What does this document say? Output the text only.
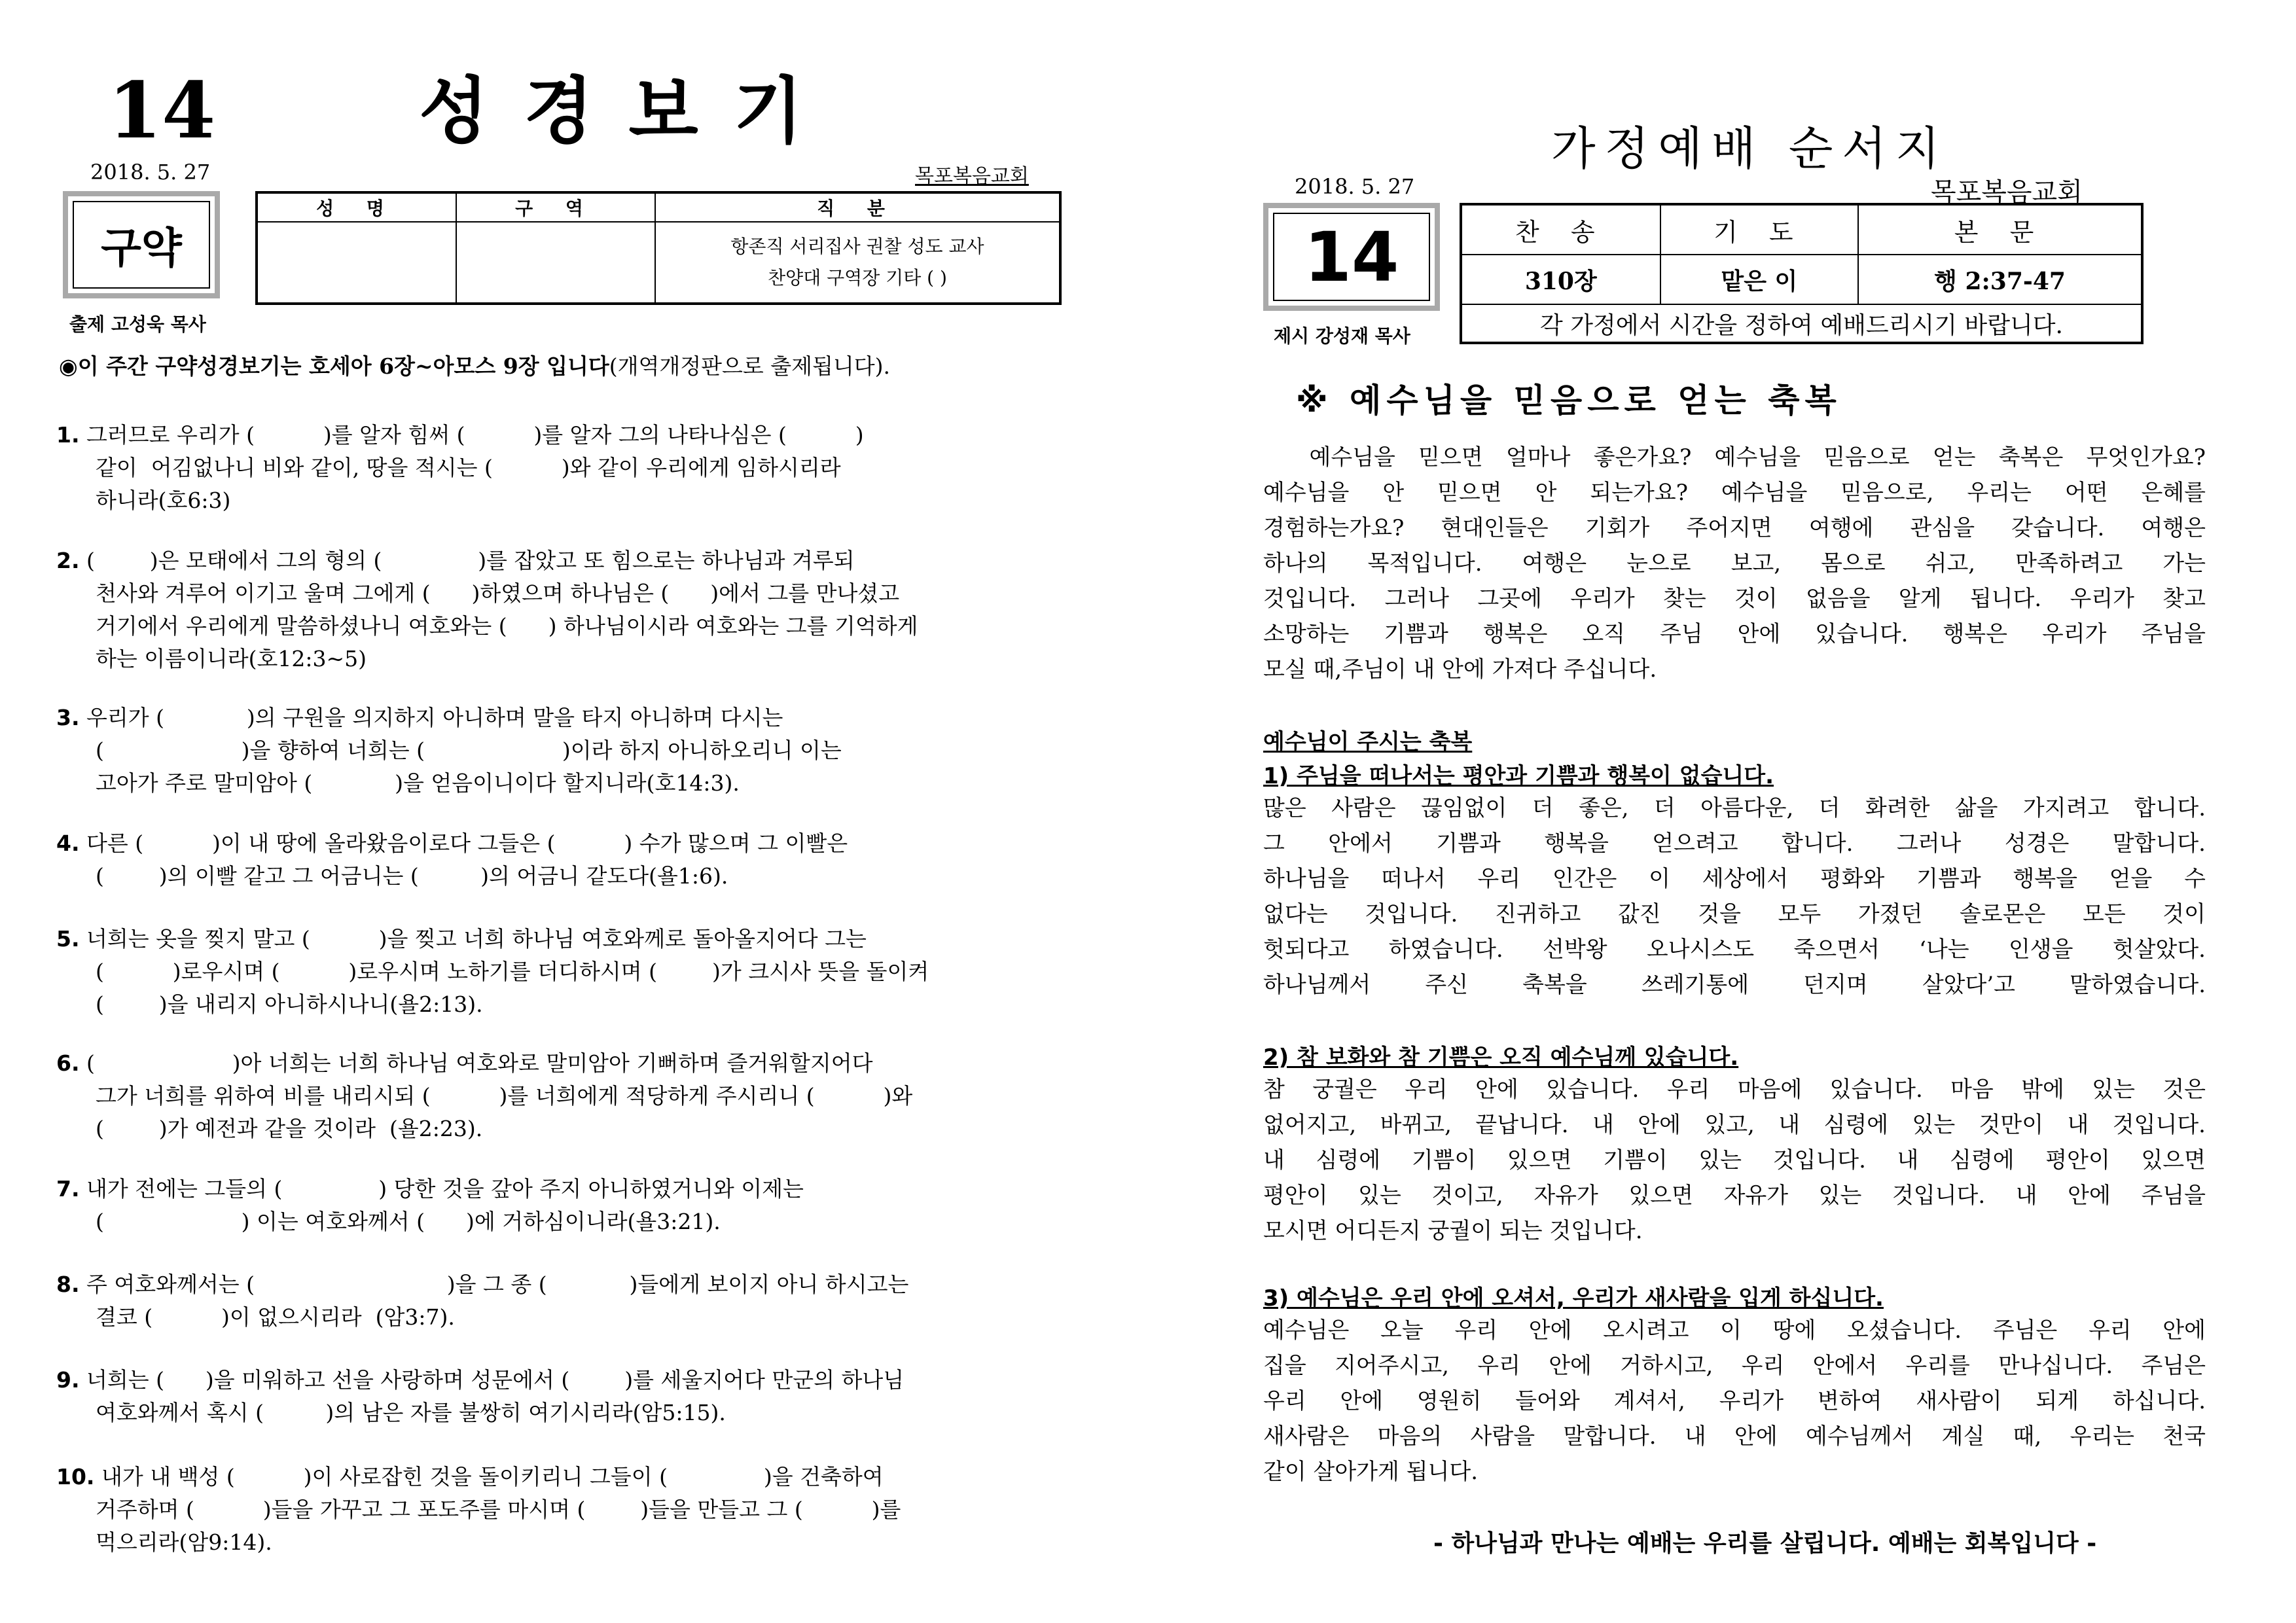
14	성경보기
2018. 5. 27	목포복음교회
구약
출제 고성욱 목사
성 명	구 역	직 분

		항존직 서리집사 권찰 성도 교사
찬양대 구역장 기타 ( )
◉이 주간 구약성경보기는 호세아 6장~아모스 9장 입니다(개역개정판으로 출제됩니다).
1. 그러므로 우리가 (          )를 알자 힘써 (          )를 알자 그의 나타나심은 (          )
같이  어김없나니 비와 같이, 땅을 적시는 (          )와 같이 우리에게 임하시리라
하니라(호6:3)
2. (        )은 모태에서 그의 형의 (              )를 잡았고 또 힘으로는 하나님과 겨루되
천사와 겨루어 이기고 울며 그에게 (      )하였으며 하나님은 (      )에서 그를 만나셨고
거기에서 우리에게 말씀하셨나니 여호와는 (      ) 하나님이시라 여호와는 그를 기억하게
하는 이름이니라(호12:3~5)
3. 우리가 (            )의 구원을 의지하지 아니하며 말을 타지 아니하며 다시는
(                    )을 향하여 너희는 (                    )이라 하지 아니하오리니 이는
고아가 주로 말미암아 (            )을 얻음이니이다 할지니라(호14:3).
4. 다른 (          )이 내 땅에 올라왔음이로다 그들은 (          ) 수가 많으며 그 이빨은
(        )의 이빨 같고 그 어금니는 (         )의 어금니 같도다(욜1:6).
5. 너희는 옷을 찢지 말고 (          )을 찢고 너희 하나님 여호와께로 돌아올지어다 그는
(          )로우시며 (          )로우시며 노하기를 더디하시며 (        )가 크시사 뜻을 돌이켜
(        )을 내리지 아니하시나니(욜2:13).
6. (                    )아 너희는 너희 하나님 여호와로 말미암아 기뻐하며 즐거워할지어다
그가 너희를 위하여 비를 내리시되 (          )를 너희에게 적당하게 주시리니 (          )와
(        )가 예전과 같을 것이라  (욜2:23).
7. 내가 전에는 그들의 (              ) 당한 것을 갚아 주지 아니하였거니와 이제는
(                    ) 이는 여호와께서 (      )에 거하심이니라(욜3:21).
8. 주 여호와께서는 (                            )을 그 종 (            )들에게 보이지 아니 하시고는
결코 (          )이 없으시리라  (암3:7).
9. 너희는 (      )을 미워하고 선을 사랑하며 성문에서 (        )를 세울지어다 만군의 하나님
여호와께서 혹시 (         )의 남은 자를 불쌍히 여기시리라(암5:15).
10. 내가 내 백성 (          )이 사로잡힌 것을 돌이키리니 그들이 (              )을 건축하여
거주하며 (          )들을 가꾸고 그 포도주를 마시며 (        )들을 만들고 그 (          )를
먹으리라(암9:14).
가정예배 순서지
2018. 5. 27	목포복음교회
14
제시 강성재 목사
찬 송	기 도	본 문
310장	맡은 이	행 2:37-47
각 가정에서 시간을 정하여 예배드리시기 바랍니다.		
※ 예수님을 믿음으로 얻는 축복
예수님을 믿으면 얼마나 좋은가요? 예수님을 믿음으로 얻는 축복은 무엇인가요?
예수님을 안 믿으면 안 되는가요? 예수님을 믿음으로, 우리는 어떤 은혜를
경험하는가요? 현대인들은 기회가 주어지면 여행에 관심을 갖습니다. 여행은
하나의 목적입니다. 여행은 눈으로 보고, 몸으로 쉬고, 만족하려고 가는
것입니다. 그러나 그곳에 우리가 찾는 것이 없음을 알게 됩니다. 우리가 찾고
소망하는 기쁨과 행복은 오직 주님 안에 있습니다. 행복은 우리가 주님을
모실 때,주님이 내 안에 가져다 주십니다.
예수님이 주시는 축복
1) 주님을 떠나서는 평안과 기쁨과 행복이 없습니다.
많은 사람은 끊임없이 더 좋은, 더 아름다운, 더 화려한 삶을 가지려고 합니다.
그 안에서 기쁨과 행복을 얻으려고 합니다. 그러나 성경은 말합니다.
하나님을 떠나서 우리 인간은 이 세상에서 평화와 기쁨과 행복을 얻을 수
없다는 것입니다. 진귀하고 값진 것을 모두 가졌던 솔로몬은 모든 것이
헛되다고 하였습니다. 선박왕 오나시스도 죽으면서 ‘나는 인생을 헛살았다.
하나님께서 주신 축복을 쓰레기통에 던지며 살았다’고 말하였습니다.
2) 참 보화와 참 기쁨은 오직 예수님께 있습니다.
참 궁궐은 우리 안에 있습니다. 우리 마음에 있습니다. 마음 밖에 있는 것은
없어지고, 바뀌고, 끝납니다. 내 안에 있고, 내 심령에 있는 것만이 내 것입니다.
내 심령에 기쁨이 있으면 기쁨이 있는 것입니다. 내 심령에 평안이 있으면
평안이 있는 것이고, 자유가 있으면 자유가 있는 것입니다. 내 안에 주님을
모시면 어디든지 궁궐이 되는 것입니다.
3) 예수님은 우리 안에 오셔서, 우리가 새사람을 입게 하십니다.
예수님은 오늘 우리 안에 오시려고 이 땅에 오셨습니다. 주님은 우리 안에
집을 지어주시고, 우리 안에 거하시고, 우리 안에서 우리를 만나십니다. 주님은
우리 안에 영원히 들어와 계셔서, 우리가 변하여 새사람이 되게 하십니다.
새사람은 마음의 사람을 말합니다. 내 안에 예수님께서 계실 때, 우리는 천국
같이 살아가게 됩니다.
- 하나님과 만나는 예배는 우리를 살립니다. 예배는 회복입니다 -
